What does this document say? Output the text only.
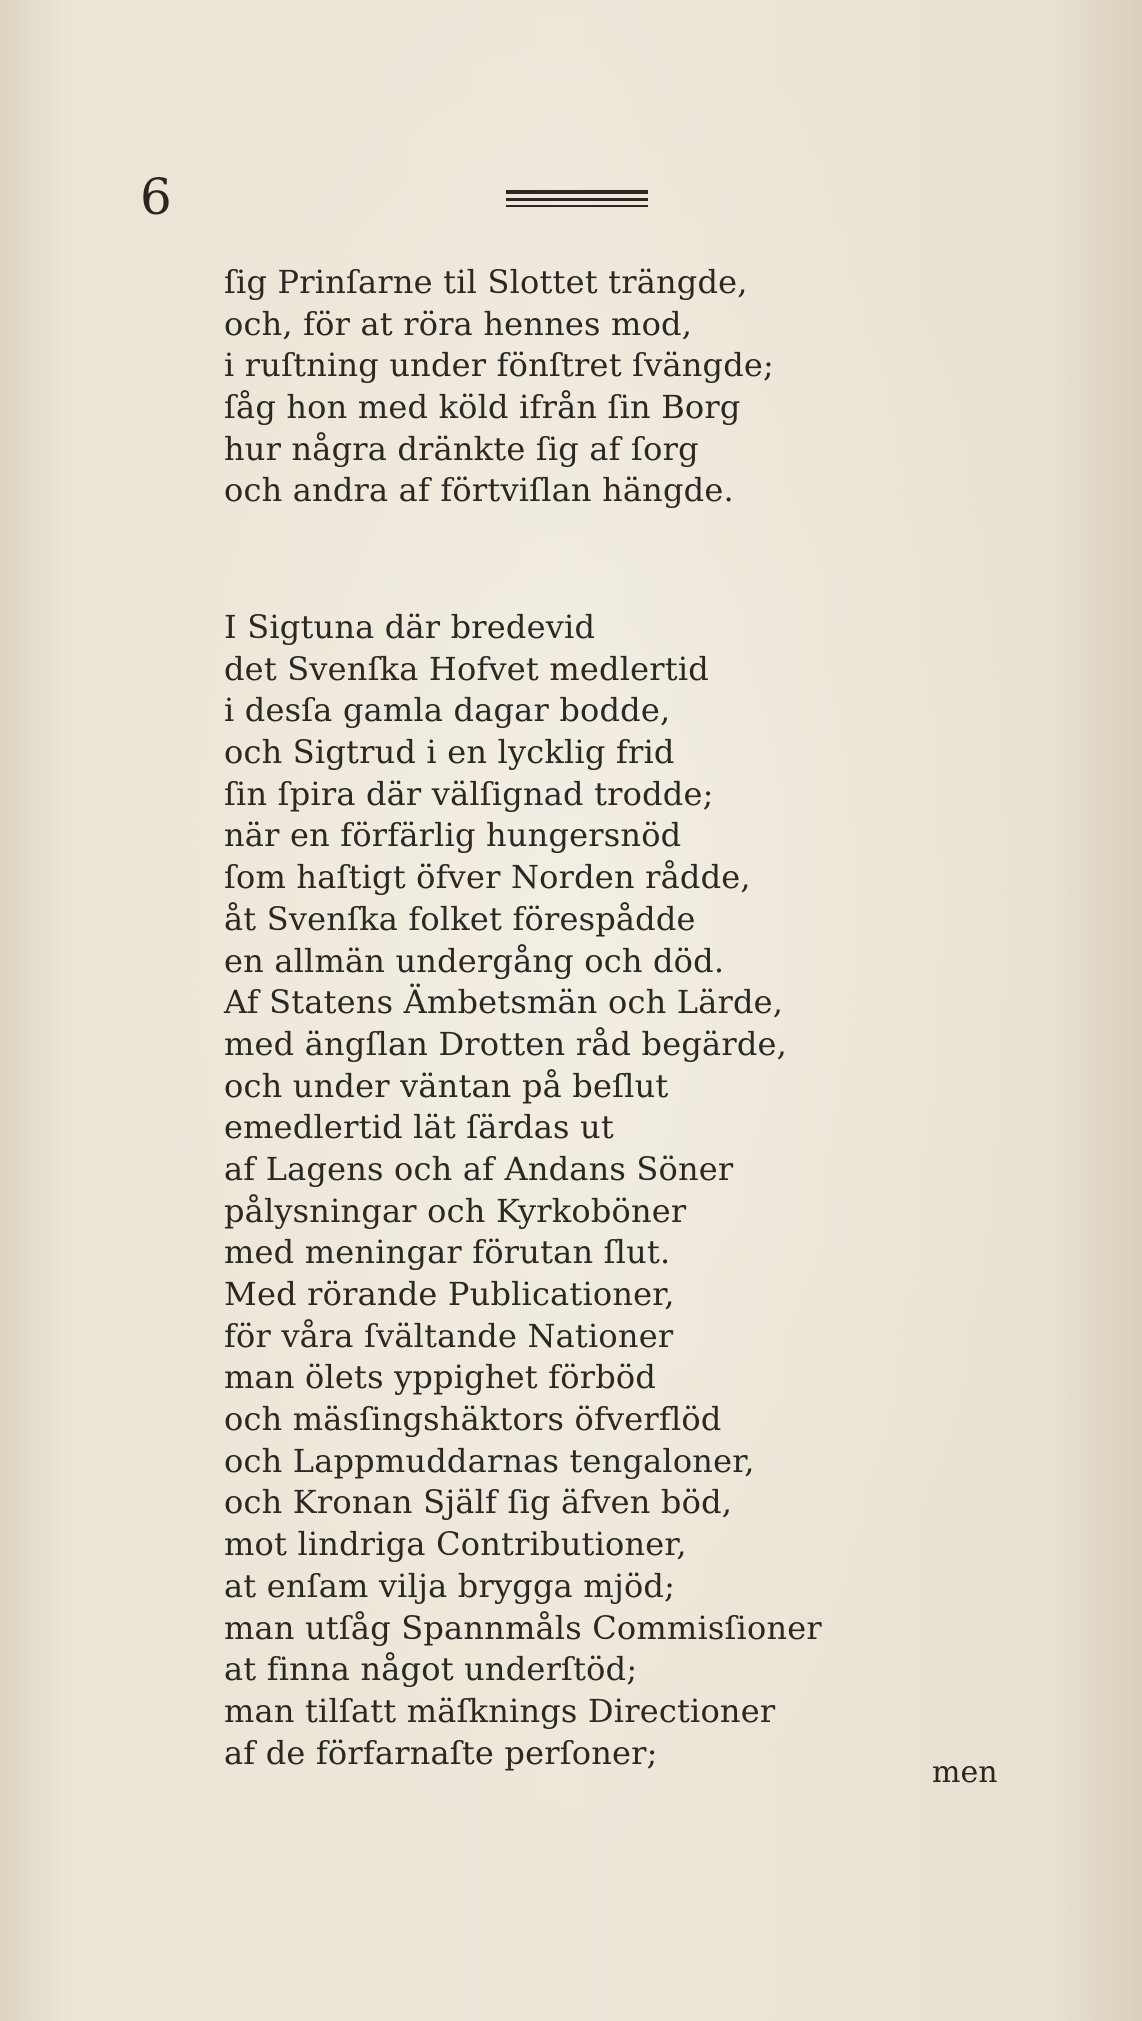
6
ſig Prinſarne til Slottet trängde,
och, för at röra hennes mod,
i ruſtning under fönſtret ſvängde;
ſåg hon med köld ifrån ſin Borg
hur några dränkte ſig af ſorg
och andra af förtviſlan hängde.
I Sigtuna där bredevid
det Svenſka Hofvet medlertid
i desſa gamla dagar bodde,
och Sigtrud i en lycklig frid
ſin ſpira där välſignad trodde;
när en förfärlig hungersnöd
ſom haſtigt öfver Norden rådde,
åt Svenſka folket förespådde
en allmän undergång och död.
Af Statens Ämbetsmän och Lärde,
med ängſlan Drotten råd begärde,
och under väntan på beſlut
emedlertid lät ſärdas ut
af Lagens och af Andans Söner
pålysningar och Kyrkoböner
med meningar förutan ſlut.
Med rörande Publicationer,
för våra ſvältande Nationer
man ölets yppighet förböd
och mäsſingshäktors öfverflöd
och Lappmuddarnas tengaloner,
och Kronan Själf ſig äfven böd,
mot lindriga Contributioner,
at enſam vilja brygga mjöd;
man utſåg Spannmåls Commisſioner
at finna något underſtöd;
man tilſatt mäſknings Directioner
af de förfarnaſte perſoner;
men
